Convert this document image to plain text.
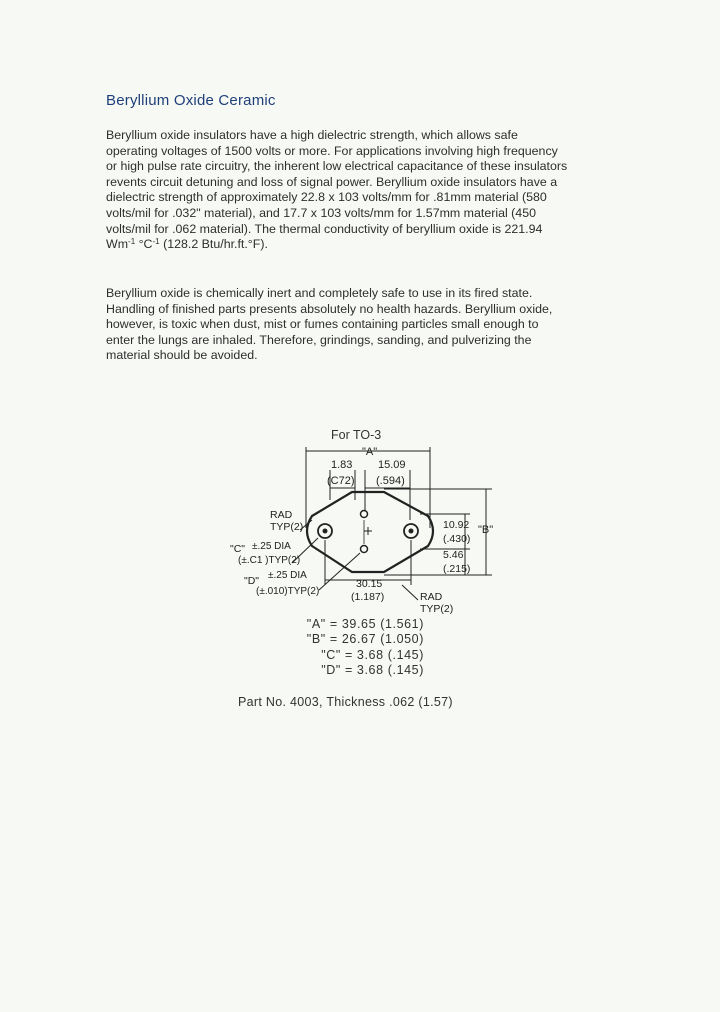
Beryllium Oxide Ceramic
Beryllium oxide insulators have a high dielectric strength, which allows safe
operating voltages of 1500 volts or more. For applications involving high frequency
or high pulse rate circuitry, the inherent low electrical capacitance of these insulators
revents circuit detuning and loss of signal power. Beryllium oxide insulators have a
dielectric strength of approximately 22.8 x 103 volts/mm for .81mm material (580
volts/mil for .032" material), and 17.7 x 103 volts/mm for 1.57mm material (450
volts/mil for .062 material). The thermal conductivity of beryllium oxide is 221.94
$Wm^{-1}$ $^\circ C^{-1}$ (128.2 Btu/hr.ft.°F).
Beryllium oxide is chemically inert and completely safe to use in its fired state.
Handling of finished parts presents absolutely no health hazards. Beryllium oxide,
however, is toxic when dust, mist or fumes containing particles small enough to
enter the lungs are inhaled. Therefore, grindings, sanding, and pulverizing the
material should be avoided.
For TO-3
"A"
1.83
(C72)
15.09
(.594)
RAD
TYP(2)	10.92
(.430)
"B"
5.46
(.215)
"C" ±.25 DIA
(±.C1 )TYP(2)
"D" ±.25 DIA
(±.010)TYP(2)
30.15
(1.187)	RAD
TYP(2)
"A" = 39.65 (1.561)
"B" = 26.67 (1.050)
"C" = 3.68 (.145)
"D" = 3.68 (.145)
Part No. 4003, Thickness .062 (1.57)
